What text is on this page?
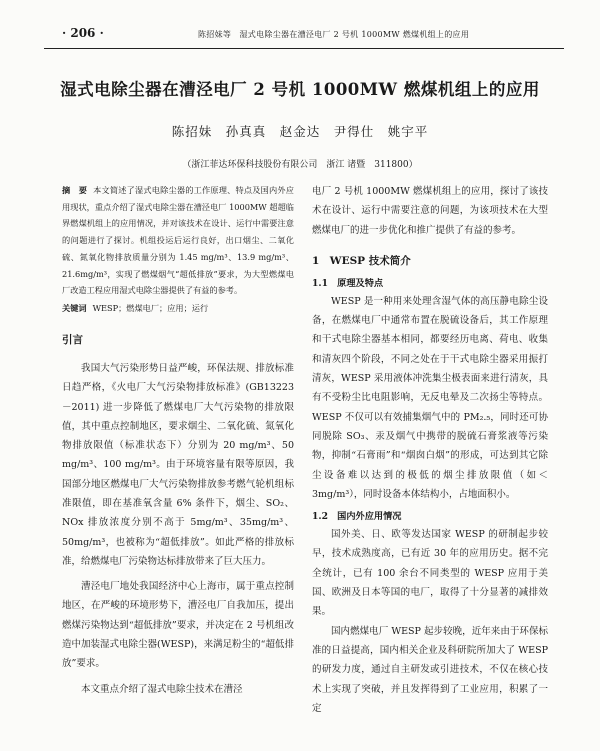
· 206 ·	陈招妹等　湿式电除尘器在漕泾电厂 2 号机 1000MW 燃煤机组上的应用
湿式电除尘器在漕泾电厂 2 号机 1000MW 燃煤机组上的应用
陈招妹　孙真真　赵金达　尹得仕　姚宇平
（浙江菲达环保科技股份有限公司　浙江 诸暨　311800）

摘　要 本文简述了湿式电除尘器的工作原理、特点及国内外应用现状，重点介绍了湿式电除尘器在漕泾电厂 1000MW 超超临界燃煤机组上的应用情况，并对该技术在设计、运行中需要注意的问题进行了探讨。机组投运后运行良好，出口烟尘、二氧化硫、氮氧化物排放质量分别为 1.45 mg/m³、13.9 mg/m³、21.6mg/m³，实现了燃煤烟气“超低排放”要求，为大型燃煤电厂改造工程应用湿式电除尘器提供了有益的参考。

关键词 WESP；燃煤电厂；应用；运行
引言

我国大气污染形势日益严峻，环保法规、排放标准日趋严格，《火电厂大气污染物排放标准》(GB13223－2011) 进一步降低了燃煤电厂大气污染物的排放限值，其中重点控制地区，要求烟尘、二氧化硫、氮氧化物排放限值（标准状态下）分别为 20 mg/m³、50 mg/m³、100 mg/m³。由于环境容量有限等原因，我国部分地区燃煤电厂大气污染物排放参考燃气轮机组标准限值，即在基准氧含量 6% 条件下，烟尘、SO₂、NOx 排放浓度分别不高于 5mg/m³、35mg/m³、50mg/m³，也被称为“超低排放”。如此严格的排放标准，给燃煤电厂污染物达标排放带来了巨大压力。

漕泾电厂地处我国经济中心上海市，属于重点控制地区，在严峻的环境形势下，漕泾电厂自我加压，提出燃煤污染物达到“超低排放”要求，并决定在 2 号机组改造中加装湿式电除尘器(WESP)，来满足粉尘的“超低排放”要求。

本文重点介绍了湿式电除尘技术在漕泾

电厂 2 号机 1000MW 燃煤机组上的应用，探讨了该技术在设计、运行中需要注意的问题，为该项技术在大型燃煤电厂的进一步优化和推广提供了有益的参考。

1　WESP 技术简介
1.1　原理及特点

WESP 是一种用来处理含湿气体的高压静电除尘设备，在燃煤电厂中通常布置在脱硫设备后，其工作原理和干式电除尘器基本相同，都要经历电离、荷电、收集和清灰四个阶段，不同之处在于干式电除尘器采用振打清灰，WESP 采用液体冲洗集尘极表面来进行清灰，具有不受粉尘比电阻影响，无反电晕及二次扬尘等特点。WESP 不仅可以有效捕集烟气中的 PM₂.₅，同时还可协同脱除 SO₃、汞及烟气中携带的脱硫石膏浆液等污染物，抑制“石膏雨”和“烟囱白烟”的形成，可达到其它除尘设备难以达到的极低的烟尘排放限值（如＜3mg/m³），同时设备本体结构小，占地面积小。

1.2　国内外应用情况

国外美、日、欧等发达国家 WESP 的研制起步较早，技术成熟度高，已有近 30 年的应用历史。据不完全统计，已有 100 余台不同类型的 WESP 应用于美国、欧洲及日本等国的电厂，取得了十分显著的减排效果。

国内燃煤电厂 WESP 起步较晚，近年来由于环保标准的日益提高，国内相关企业及科研院所加大了 WESP 的研发力度，通过自主研发或引进技术，不仅在核心技术上实现了突破，并且发挥得到了工业应用，积累了一定
